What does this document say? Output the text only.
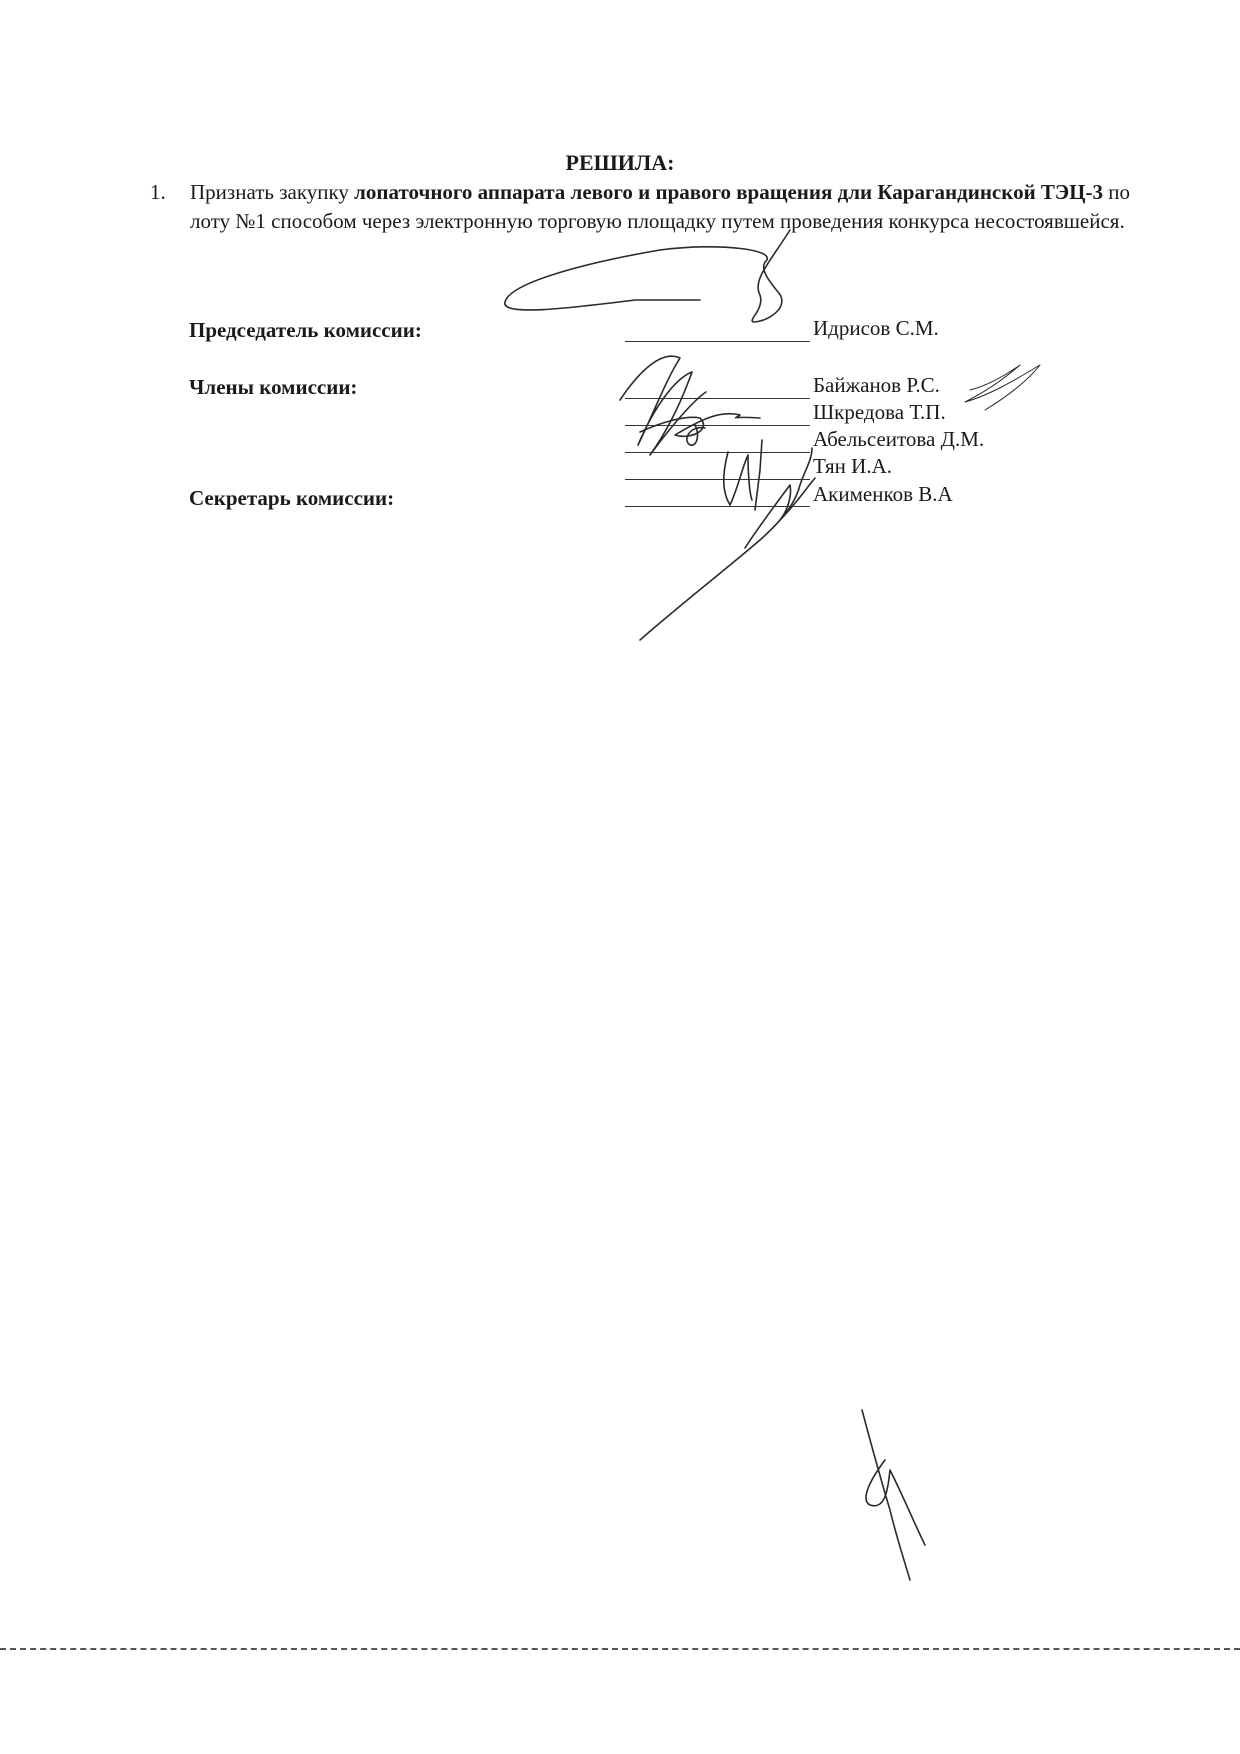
РЕШИЛА:
1. Признать закупку лопаточного аппарата левого и правого вращения дли Карагандинской ТЭЦ-3 по лоту №1 способом через электронную торговую площадку путем проведения конкурса несостоявшейся.
Председатель комиссии:	Идрисов С.М.
Члены комиссии:	Байжанов Р.С.
Шкредова Т.П.
Абельсеитова Д.М.
Тян И.А.
Секретарь комиссии:	Акименков В.А
